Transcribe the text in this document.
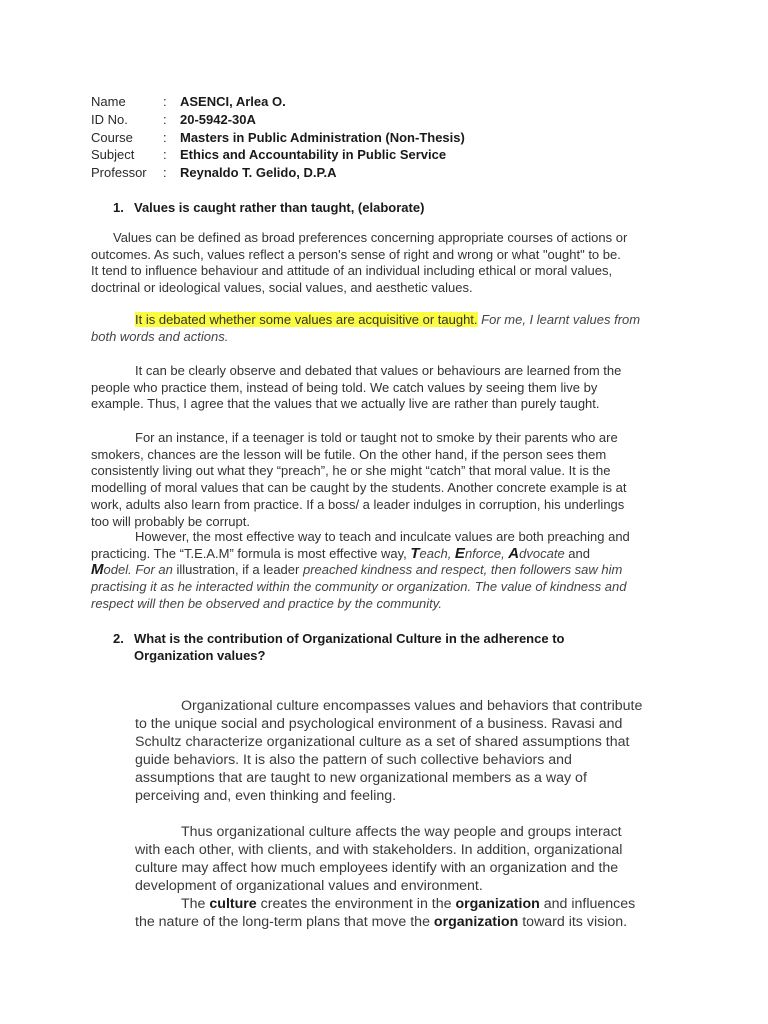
Name	:	ASENCI, Arlea O.
ID No.	:	20-5942-30A
Course	:	Masters in Public Administration (Non-Thesis)
Subject	:	Ethics and Accountability in Public Service
Professor	:	Reynaldo T. Gelido, D.P.A
1. Values is caught rather than taught, (elaborate)
Values can be defined as broad preferences concerning appropriate courses of actions or
outcomes. As such, values reflect a person's sense of right and wrong or what "ought" to be.
It tend to influence behaviour and attitude of an individual including ethical or moral values,
doctrinal or ideological values, social values, and aesthetic values.
It is debated whether some values are acquisitive or taught. For me, I learnt values from
both words and actions.
It can be clearly observe and debated that values or behaviours are learned from the
people who practice them, instead of being told. We catch values by seeing them live by
example. Thus, I agree that the values that we actually live are rather than purely taught.
For an instance, if a teenager is told or taught not to smoke by their parents who are
smokers, chances are the lesson will be futile. On the other hand, if the person sees them
consistently living out what they “preach”, he or she might “catch” that moral value. It is the
modelling of moral values that can be caught by the students. Another concrete example is at
work, adults also learn from practice. If a boss/ a leader indulges in corruption, his underlings
too will probably be corrupt.
However, the most effective way to teach and inculcate values are both preaching and
practicing. The “T.E.A.M” formula is most effective way, Teach, Enforce, Advocate and
Model. For an illustration, if a leader preached kindness and respect, then followers saw him
practising it as he interacted within the community or organization. The value of kindness and
respect will then be observed and practice by the community.
2. What is the contribution of Organizational Culture in the adherence to
Organization values?
Organizational culture encompasses values and behaviors that contribute
to the unique social and psychological environment of a business. Ravasi and
Schultz characterize organizational culture as a set of shared assumptions that
guide behaviors. It is also the pattern of such collective behaviors and
assumptions that are taught to new organizational members as a way of
perceiving and, even thinking and feeling.
Thus organizational culture affects the way people and groups interact
with each other, with clients, and with stakeholders. In addition, organizational
culture may affect how much employees identify with an organization and the
development of organizational values and environment.
The culture creates the environment in the organization and influences
the nature of the long-term plans that move the organization toward its vision.
